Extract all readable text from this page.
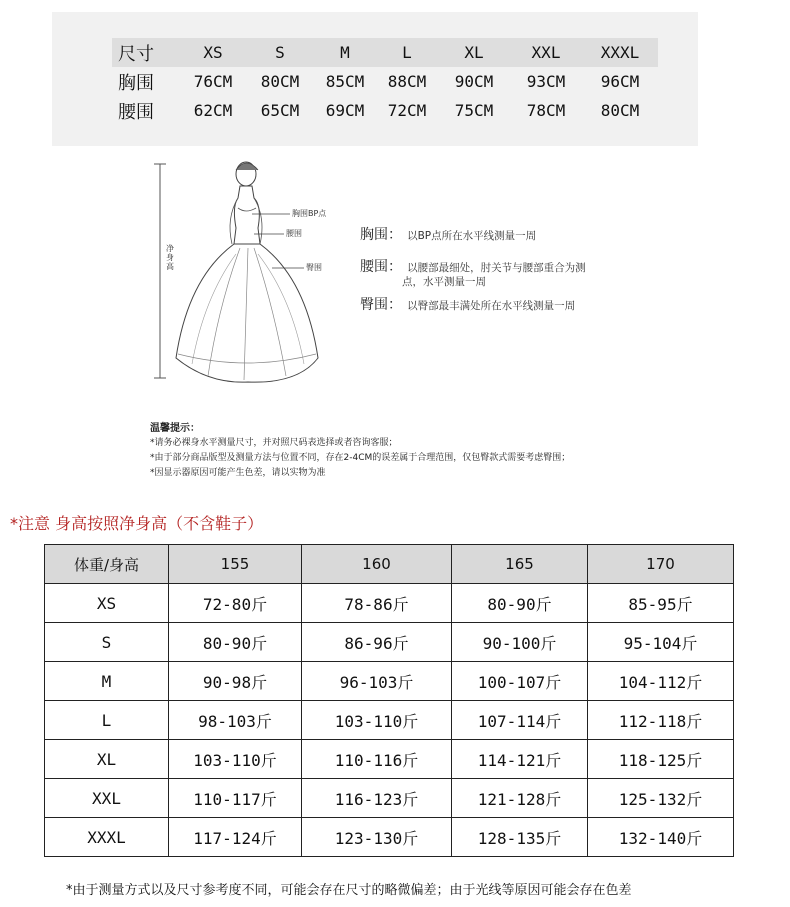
尺寸	XS	S	M	L	XL	XXL	XXXL
胸围	76CM	80CM	85CM	88CM	90CM	93CM	96CM
腰围	62CM	65CM	69CM	72CM	75CM	78CM	80CM
净身高
胸围BP点
腰围
臀围
胸围： 以BP点所在水平线测量一周
腰围： 以腰部最细处，肘关节与腰部重合为测
点，水平测量一周
臀围： 以臀部最丰满处所在水平线测量一周
温馨提示：
*请务必裸身水平测量尺寸，并对照尺码表选择或者咨询客服；
*由于部分商品版型及测量方法与位置不同，存在2-4CM的误差属于合理范围，仅包臀款式需要考虑臀围；
*因显示器原因可能产生色差，请以实物为准
*注意 身高按照净身高（不含鞋子）
体重/身高	155	160	165	170
XS	72-80斤	78-86斤	80-90斤	85-95斤
S	80-90斤	86-96斤	90-100斤	95-104斤
M	90-98斤	96-103斤	100-107斤	104-112斤
L	98-103斤	103-110斤	107-114斤	112-118斤
XL	103-110斤	110-116斤	114-121斤	118-125斤
XXL	110-117斤	116-123斤	121-128斤	125-132斤
XXXL	117-124斤	123-130斤	128-135斤	132-140斤
*由于测量方式以及尺寸参考度不同，可能会存在尺寸的略微偏差；由于光线等原因可能会存在色差
